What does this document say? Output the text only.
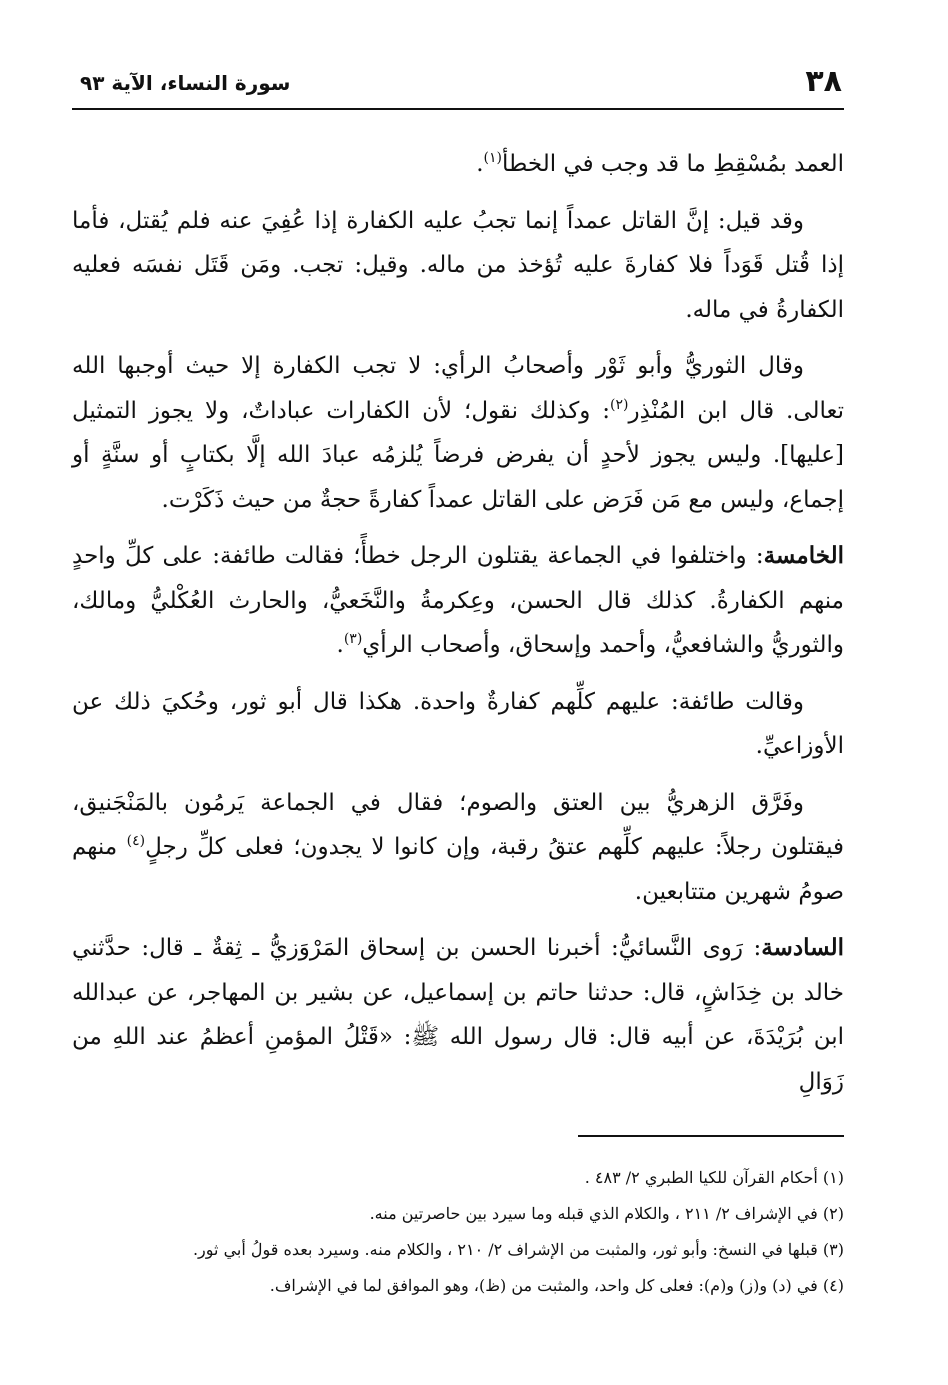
٣٨
سورة النساء، الآية ٩٣

العمد بمُسْقِطِ ما قد وجب في الخطأ$^{(١)}$.

وقد قيل: إنَّ القاتل عمداً إنما تجبُ عليه الكفارة إذا عُفِيَ عنه فلم يُقتل، فأما إذا قُتل قَوَداً فلا كفارةَ عليه تُؤخذ من ماله. وقيل: تجب. ومَن قَتَل نفسَه فعليه الكفارةُ في ماله.

وقال الثوريُّ وأبو ثَوْر وأصحابُ الرأي: لا تجب الكفارة إلا حيث أوجبها الله تعالى. قال ابن المُنْذِر$^{(٢)}$: وكذلك نقول؛ لأن الكفارات عباداتٌ، ولا يجوز التمثيل [عليها]. وليس يجوز لأحدٍ أن يفرض فرضاً يُلزمُه عبادَ الله إلَّا بكتابٍ أو سنَّةٍ أو إجماع، وليس مع مَن فَرَض على القاتل عمداً كفارةً حجةٌ من حيث ذَكَرْت.

الخامسة: واختلفوا في الجماعة يقتلون الرجل خطأً؛ فقالت طائفة: على كلِّ واحدٍ منهم الكفارةُ. كذلك قال الحسن، وعِكرمةُ والنَّخَعيُّ، والحارث العُكْليُّ ومالك، والثوريُّ والشافعيُّ، وأحمد وإسحاق، وأصحاب الرأي$^{(٣)}$.

وقالت طائفة: عليهم كلِّهم كفارةٌ واحدة. هكذا قال أبو ثور، وحُكيَ ذلك عن الأوزاعيِّ.

وفَرَّق الزهريُّ بين العتق والصوم؛ فقال في الجماعة يَرمُون بالمَنْجَنيق، فيقتلون رجلاً: عليهم كلِّهم عتقُ رقبة، وإن كانوا لا يجدون؛ فعلى كلِّ رجلٍ$^{(٤)}$ منهم صومُ شهرين متتابعين.

السادسة: رَوى النَّسائيُّ: أخبرنا الحسن بن إسحاق المَرْوَزيُّ ـ ثِقةٌ ـ قال: حدَّثني خالد بن خِدَاشٍ، قال: حدثنا حاتم بن إسماعيل، عن بشير بن المهاجر، عن عبدالله ابن بُرَيْدَةَ، عن أبيه قال: قال رسول الله ﷺ: «قَتْلُ المؤمنِ أعظمُ عند اللهِ من زَوَالِ

(١) أحكام القرآن للكيا الطبري ٢/ ٤٨٣ .
(٢) في الإشراف ٢/ ٢١١ ، والكلام الذي قبله وما سيرد بين حاصرتين منه.
(٣) قبلها في النسخ: وأبو ثور، والمثبت من الإشراف ٢/ ٢١٠ ، والكلام منه. وسيرد بعده قولُ أبي ثور.
(٤) في (د) و(ز) و(م): فعلى كل واحد، والمثبت من (ظ)، وهو الموافق لما في الإشراف.
